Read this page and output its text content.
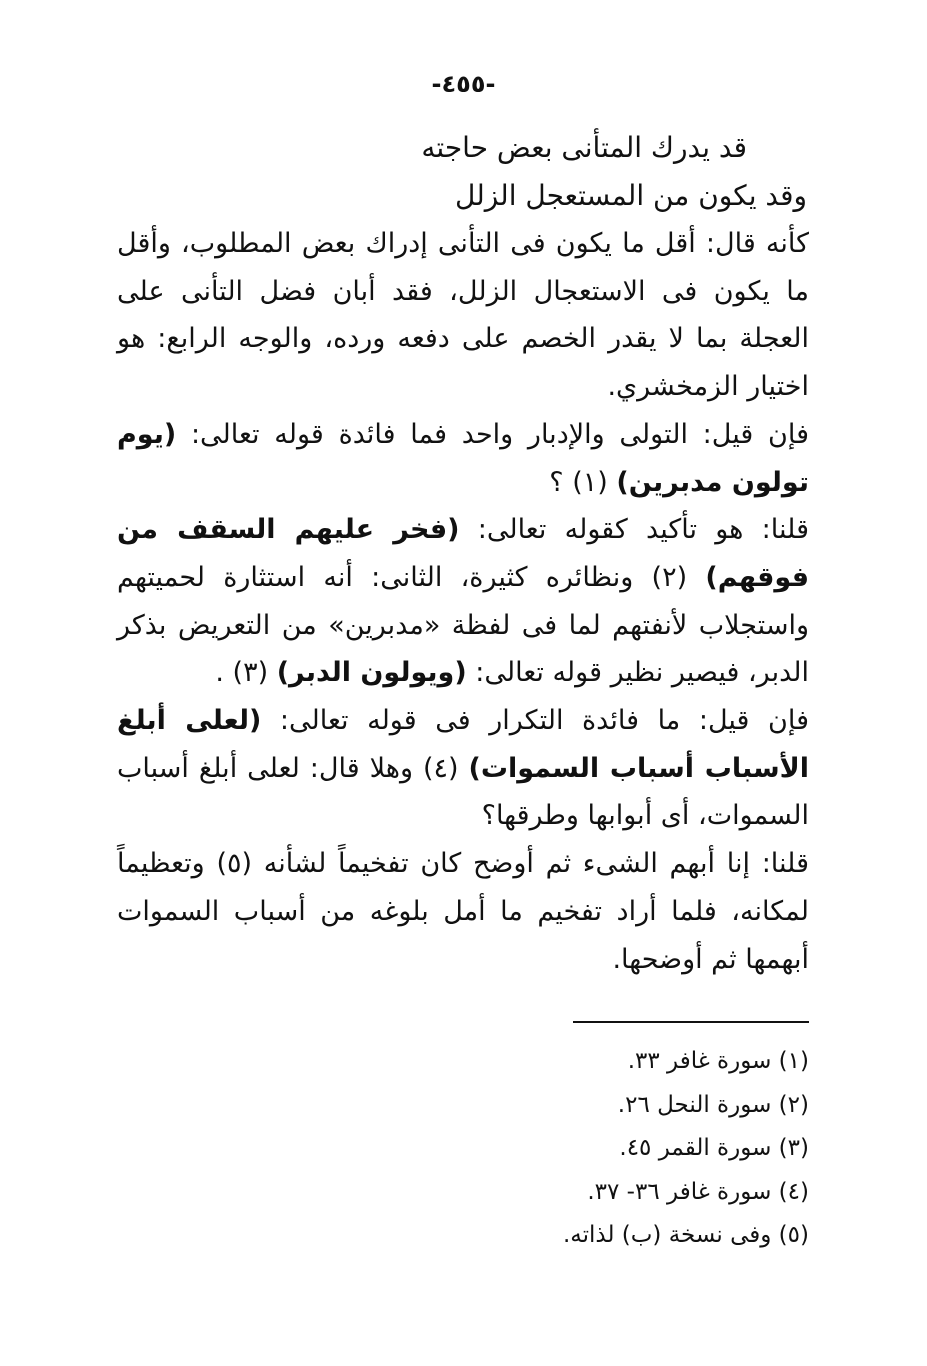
-٤٥٥-
قد يدرك المتأنى بعض حاجته
وقد يكون من المستعجل الزلل

كأنه قال: أقل ما يكون فى التأنى إدراك بعض المطلوب، وأقل ما يكون فى الاستعجال الزلل، فقد أبان فضل التأنى على العجلة بما لا يقدر الخصم على دفعه ورده، والوجه الرابع: هو اختيار الزمخشري.

فإن قيل: التولى والإدبار واحد فما فائدة قوله تعالى: (يوم تولون مدبرين) (١) ؟

قلنا: هو تأكيد كقوله تعالى: (فخر عليهم السقف من فوقهم) (٢) ونظائره كثيرة، الثانى: أنه استثارة لحميتهم واستجلاب لأنفتهم لما فى لفظة «مدبرين» من التعريض بذكر الدبر، فيصير نظير قوله تعالى: (ويولون الدبر) (٣) .

فإن قيل: ما فائدة التكرار فى قوله تعالى: (لعلى أبلغ الأسباب أسباب السموات) (٤) وهلا قال: لعلى أبلغ أسباب السموات، أى أبوابها وطرقها؟

قلنا: إنا أبهم الشىء ثم أوضح كان تفخيماً لشأنه (٥) وتعظيماً لمكانه، فلما أراد تفخيم ما أمل بلوغه من أسباب السموات أبهمها ثم أوضحها.

(١) سورة غافر ٣٣.
(٢) سورة النحل ٢٦.
(٣) سورة القمر ٤٥.
(٤) سورة غافر ٣٦- ٣٧.
(٥) وفى نسخة (ب) لذاته.
